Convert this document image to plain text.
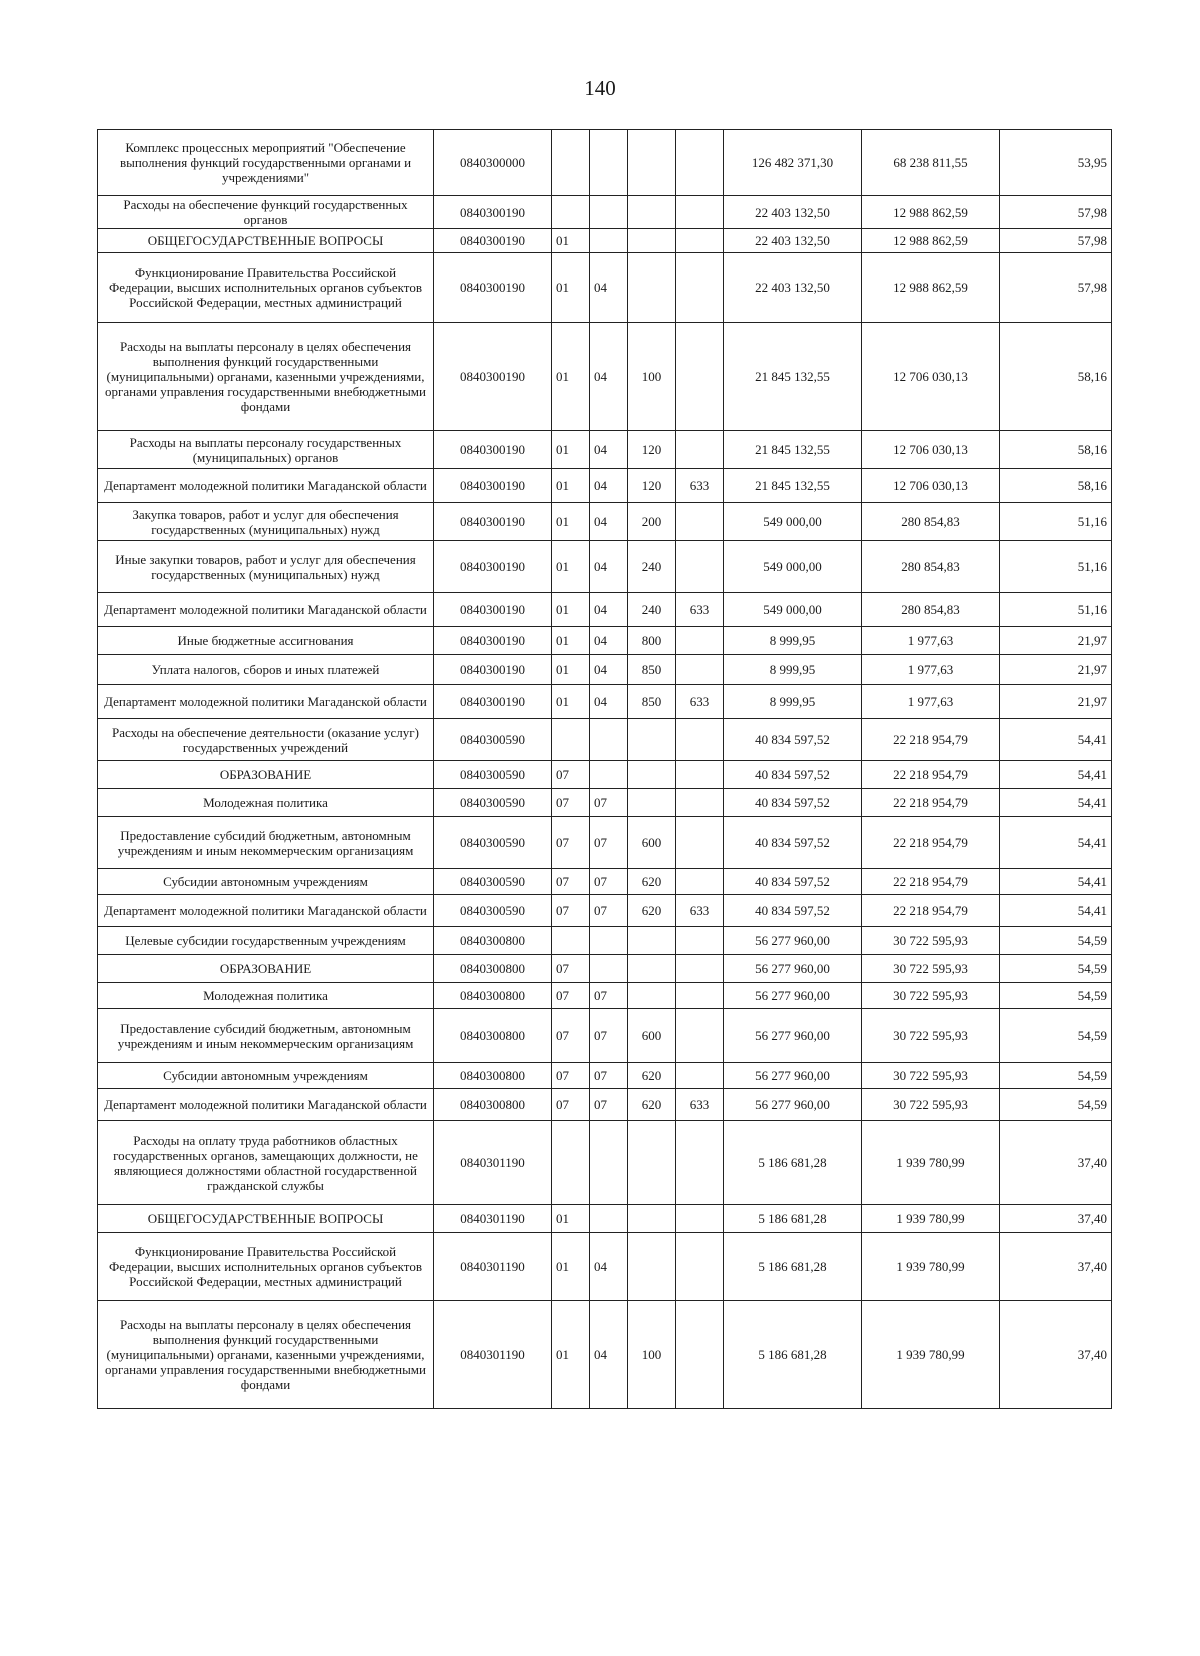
140
Комплекс процессных мероприятий "Обеспечение выполнения функций государственными органами и учреждениями"	0840300000					126 482 371,30	68 238 811,55	53,95
Расходы на обеспечение функций государственных органов	0840300190					22 403 132,50	12 988 862,59	57,98
ОБЩЕГОСУДАРСТВЕННЫЕ ВОПРОСЫ	0840300190	01				22 403 132,50	12 988 862,59	57,98
Функционирование Правительства Российской Федерации, высших исполнительных органов субъектов Российской Федерации, местных администраций	0840300190	01	04			22 403 132,50	12 988 862,59	57,98
Расходы на выплаты персоналу в целях обеспечения выполнения функций государственными (муниципальными) органами, казенными учреждениями, органами управления государственными внебюджетными фондами	0840300190	01	04	100		21 845 132,55	12 706 030,13	58,16
Расходы на выплаты персоналу государственных (муниципальных) органов	0840300190	01	04	120		21 845 132,55	12 706 030,13	58,16
Департамент молодежной политики Магаданской области	0840300190	01	04	120	633	21 845 132,55	12 706 030,13	58,16
Закупка товаров, работ и услуг для обеспечения государственных (муниципальных) нужд	0840300190	01	04	200		549 000,00	280 854,83	51,16
Иные закупки товаров, работ и услуг для обеспечения государственных (муниципальных) нужд	0840300190	01	04	240		549 000,00	280 854,83	51,16
Департамент молодежной политики Магаданской области	0840300190	01	04	240	633	549 000,00	280 854,83	51,16
Иные бюджетные ассигнования	0840300190	01	04	800		8 999,95	1 977,63	21,97
Уплата налогов, сборов и иных платежей	0840300190	01	04	850		8 999,95	1 977,63	21,97
Департамент молодежной политики Магаданской области	0840300190	01	04	850	633	8 999,95	1 977,63	21,97
Расходы на обеспечение деятельности (оказание услуг) государственных учреждений	0840300590					40 834 597,52	22 218 954,79	54,41
ОБРАЗОВАНИЕ	0840300590	07				40 834 597,52	22 218 954,79	54,41
Молодежная политика	0840300590	07	07			40 834 597,52	22 218 954,79	54,41
Предоставление субсидий бюджетным, автономным учреждениям и иным некоммерческим организациям	0840300590	07	07	600		40 834 597,52	22 218 954,79	54,41
Субсидии автономным учреждениям	0840300590	07	07	620		40 834 597,52	22 218 954,79	54,41
Департамент молодежной политики Магаданской области	0840300590	07	07	620	633	40 834 597,52	22 218 954,79	54,41
Целевые субсидии государственным учреждениям	0840300800					56 277 960,00	30 722 595,93	54,59
ОБРАЗОВАНИЕ	0840300800	07				56 277 960,00	30 722 595,93	54,59
Молодежная политика	0840300800	07	07			56 277 960,00	30 722 595,93	54,59
Предоставление субсидий бюджетным, автономным учреждениям и иным некоммерческим организациям	0840300800	07	07	600		56 277 960,00	30 722 595,93	54,59
Субсидии автономным учреждениям	0840300800	07	07	620		56 277 960,00	30 722 595,93	54,59
Департамент молодежной политики Магаданской области	0840300800	07	07	620	633	56 277 960,00	30 722 595,93	54,59
Расходы на оплату труда работников областных государственных органов, замещающих должности, не являющиеся должностями областной государственной гражданской службы	0840301190					5 186 681,28	1 939 780,99	37,40
ОБЩЕГОСУДАРСТВЕННЫЕ ВОПРОСЫ	0840301190	01				5 186 681,28	1 939 780,99	37,40
Функционирование Правительства Российской Федерации, высших исполнительных органов субъектов Российской Федерации, местных администраций	0840301190	01	04			5 186 681,28	1 939 780,99	37,40
Расходы на выплаты персоналу в целях обеспечения выполнения функций государственными (муниципальными) органами, казенными учреждениями, органами управления государственными внебюджетными фондами	0840301190	01	04	100		5 186 681,28	1 939 780,99	37,40
